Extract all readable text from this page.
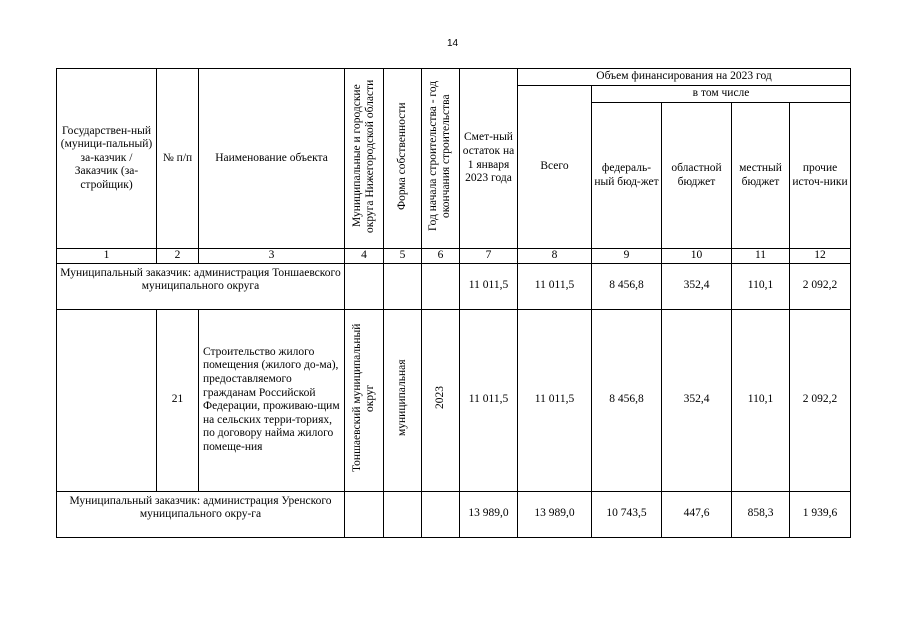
14
Государствен-ный (муници-пальный) за-казчик / Заказчик (за-стройщик)	№ п/п	Наименование объекта	Муниципальные и городские округа Нижегородской области	Форма собственности	Год начала строительства - год окончания строительства	Смет-ный остаток на 1 января 2023 года	Объем финансирования на 2023 год				
							Всего	в том числе			
								федераль-ный бюд-жет	областной бюджет	местный бюджет	прочие источ-ники
1	2	3	4	5	6	7	8	9	10	11	12
Муниципальный заказчик: администрация Тоншаевского муниципального округа						11 011,5	11 011,5	8 456,8	352,4	110,1	2 092,2
	21	Строительство жилого помещения (жилого до-ма), предоставляемого гражданам Российской Федерации, проживаю-щим на сельских терри-ториях, по договору найма жилого помеще-ния	Тоншаевский муниципальный округ	муниципальная	2023	11 011,5	11 011,5	8 456,8	352,4	110,1	2 092,2
Муниципальный заказчик: администрация Уренского муниципального окру-га						13 989,0	13 989,0	10 743,5	447,6	858,3	1 939,6
